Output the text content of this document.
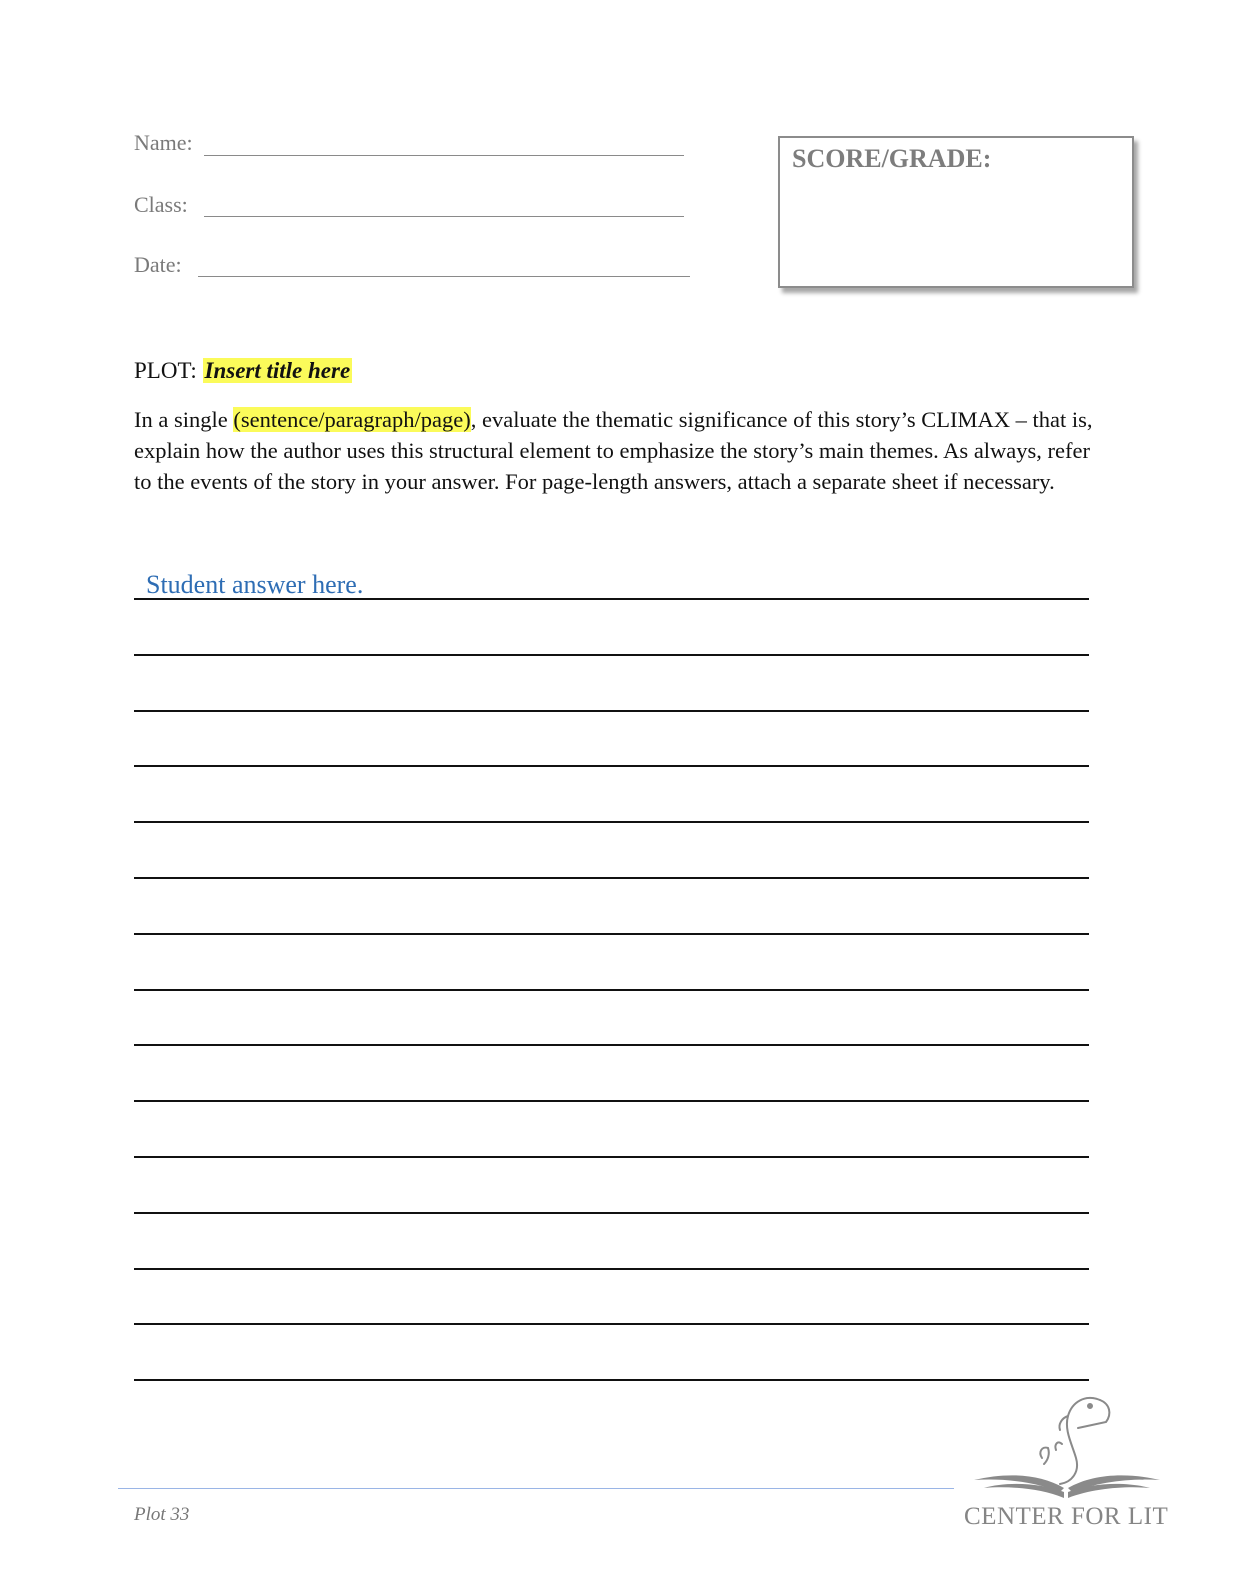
Name:
Class:
Date:
SCORE/GRADE:
PLOT: Insert title here
In a single (sentence/paragraph/page), evaluate the thematic significance of this story’s CLIMAX – that is, explain how the author uses this structural element to emphasize the story’s main themes. As always, refer to the events of the story in your answer. For page-length answers, attach a separate sheet if necessary.
Student answer here.
Plot 33	CENTER FOR LIT
